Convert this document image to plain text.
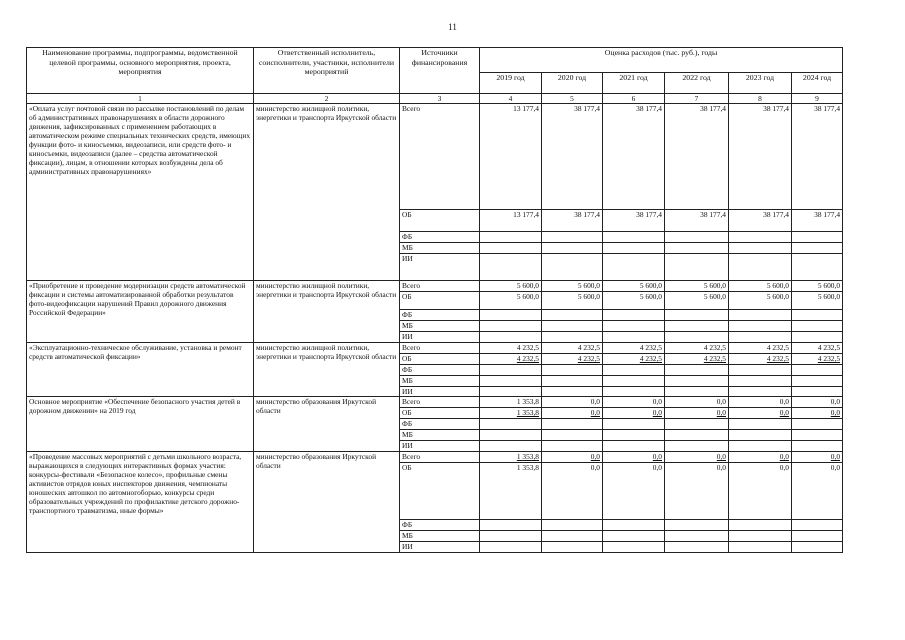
11
Наименование программы, подпрограммы, ведомственной целевой программы, основного мероприятия, проекта, мероприятия	Ответственный исполнитель, соисполнители, участники, исполнители мероприятий	Источники финансирования	Оценка расходов (тыс. руб.), годы					
			2019 год	2020 год	2021 год	2022 год	2023 год	2024 год
1	2	3	4	5	6	7	8	9
«Оплата услуг почтовой связи по рассылке постановлений по делам об административных правонарушениях в области дорожного движения, зафиксированных с применением работающих в автоматическом режиме специальных технических средств, имеющих функции фото- и киносъемки, видеозаписи, или средств фото- и киносъемки, видеозаписи (далее – средства автоматической фиксации), лицам, в отношении которых возбуждены дела об административных правонарушениях»	министерство жилищной политики, энергетики и транспорта Иркутской области	Всего	13 177,4	38 177,4	38 177,4	38 177,4	38 177,4	38 177,4
		ОБ	13 177,4	38 177,4	38 177,4	38 177,4	38 177,4	38 177,4
		ФБ						
		МБ						
		ИИ						
«Приобретение и проведение модернизации средств автоматической фиксации и системы автоматизированной обработки результатов фото-видеофиксации нарушений Правил дорожного движения Российской Федерации»	министерство жилищной политики, энергетики и транспорта Иркутской области	Всего	5 600,0	5 600,0	5 600,0	5 600,0	5 600,0	5 600,0
		ОБ	5 600,0	5 600,0	5 600,0	5 600,0	5 600,0	5 600,0
		ФБ						
		МБ						
		ИИ						
«Эксплуатационно-техническое обслуживание, установка и ремонт средств автоматической фиксации»	министерство жилищной политики, энергетики и транспорта Иркутской области	Всего	4 232,5	4 232,5	4 232,5	4 232,5	4 232,5	4 232,5
		ОБ	4 232,5	4 232,5	4 232,5	4 232,5	4 232,5	4 232,5
		ФБ						
		МБ						
		ИИ						
Основное мероприятие «Обеспечение безопасного участия детей в дорожном движении» на 2019 год	министерство образования Иркутской области	Всего	1 353,8	0,0	0,0	0,0	0,0	0,0
		ОБ	1 353,8	0,0	0,0	0,0	0,0	0,0
		ФБ						
		МБ						
		ИИ						
«Проведение массовых мероприятий с детьми школьного возраста, выражающихся в следующих интерактивных формах участия: конкурсы-фестивали «Безопасное колесо», профильные смены активистов отрядов юных инспекторов движения, чемпионаты юношеских автошкол по автомногоборью, конкурсы среди образовательных учреждений по профилактике детского дорожно-транспортного травматизма, иные формы»	министерство образования Иркутской области	Всего	1 353,8	0,0	0,0	0,0	0,0	0,0
		ОБ	1 353,8	0,0	0,0	0,0	0,0	0,0
		ФБ						
		МБ						
		ИИ						
